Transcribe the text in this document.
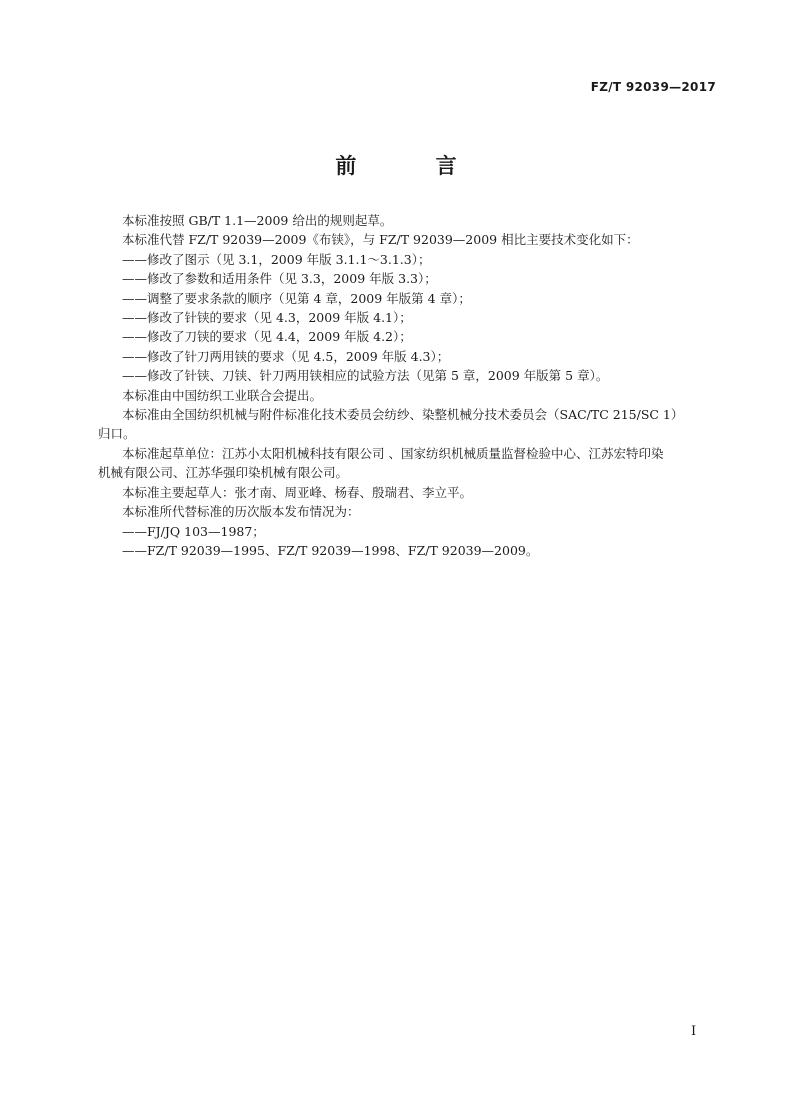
FZ/T 92039—2017
前 言

本标准按照 GB/T 1.1—2009 给出的规则起草。

本标准代替 FZ/T 92039—2009《布铗》，与 FZ/T 92039—2009 相比主要技术变化如下：

——修改了图示（见 3.1，2009 年版 3.1.1～3.1.3）；

——修改了参数和适用条件（见 3.3，2009 年版 3.3）；

——调整了要求条款的顺序（见第 4 章，2009 年版第 4 章）；

——修改了针铗的要求（见 4.3，2009 年版 4.1）；

——修改了刀铗的要求（见 4.4，2009 年版 4.2）；

——修改了针刀两用铗的要求（见 4.5，2009 年版 4.3）；

——修改了针铗、刀铗、针刀两用铗相应的试验方法（见第 5 章，2009 年版第 5 章）。

本标准由中国纺织工业联合会提出。

本标准由全国纺织机械与附件标准化技术委员会纺纱、染整机械分技术委员会（SAC/TC 215/SC 1）

归口。

本标准起草单位：江苏小太阳机械科技有限公司 、国家纺织机械质量监督检验中心、江苏宏特印染

机械有限公司、江苏华强印染机械有限公司。

本标准主要起草人：张才南、周亚峰、杨春、殷瑞君、李立平。

本标准所代替标准的历次版本发布情况为：

——FJ/JQ 103—1987；

——FZ/T 92039—1995、FZ/T 92039—1998、FZ/T 92039—2009。

I
